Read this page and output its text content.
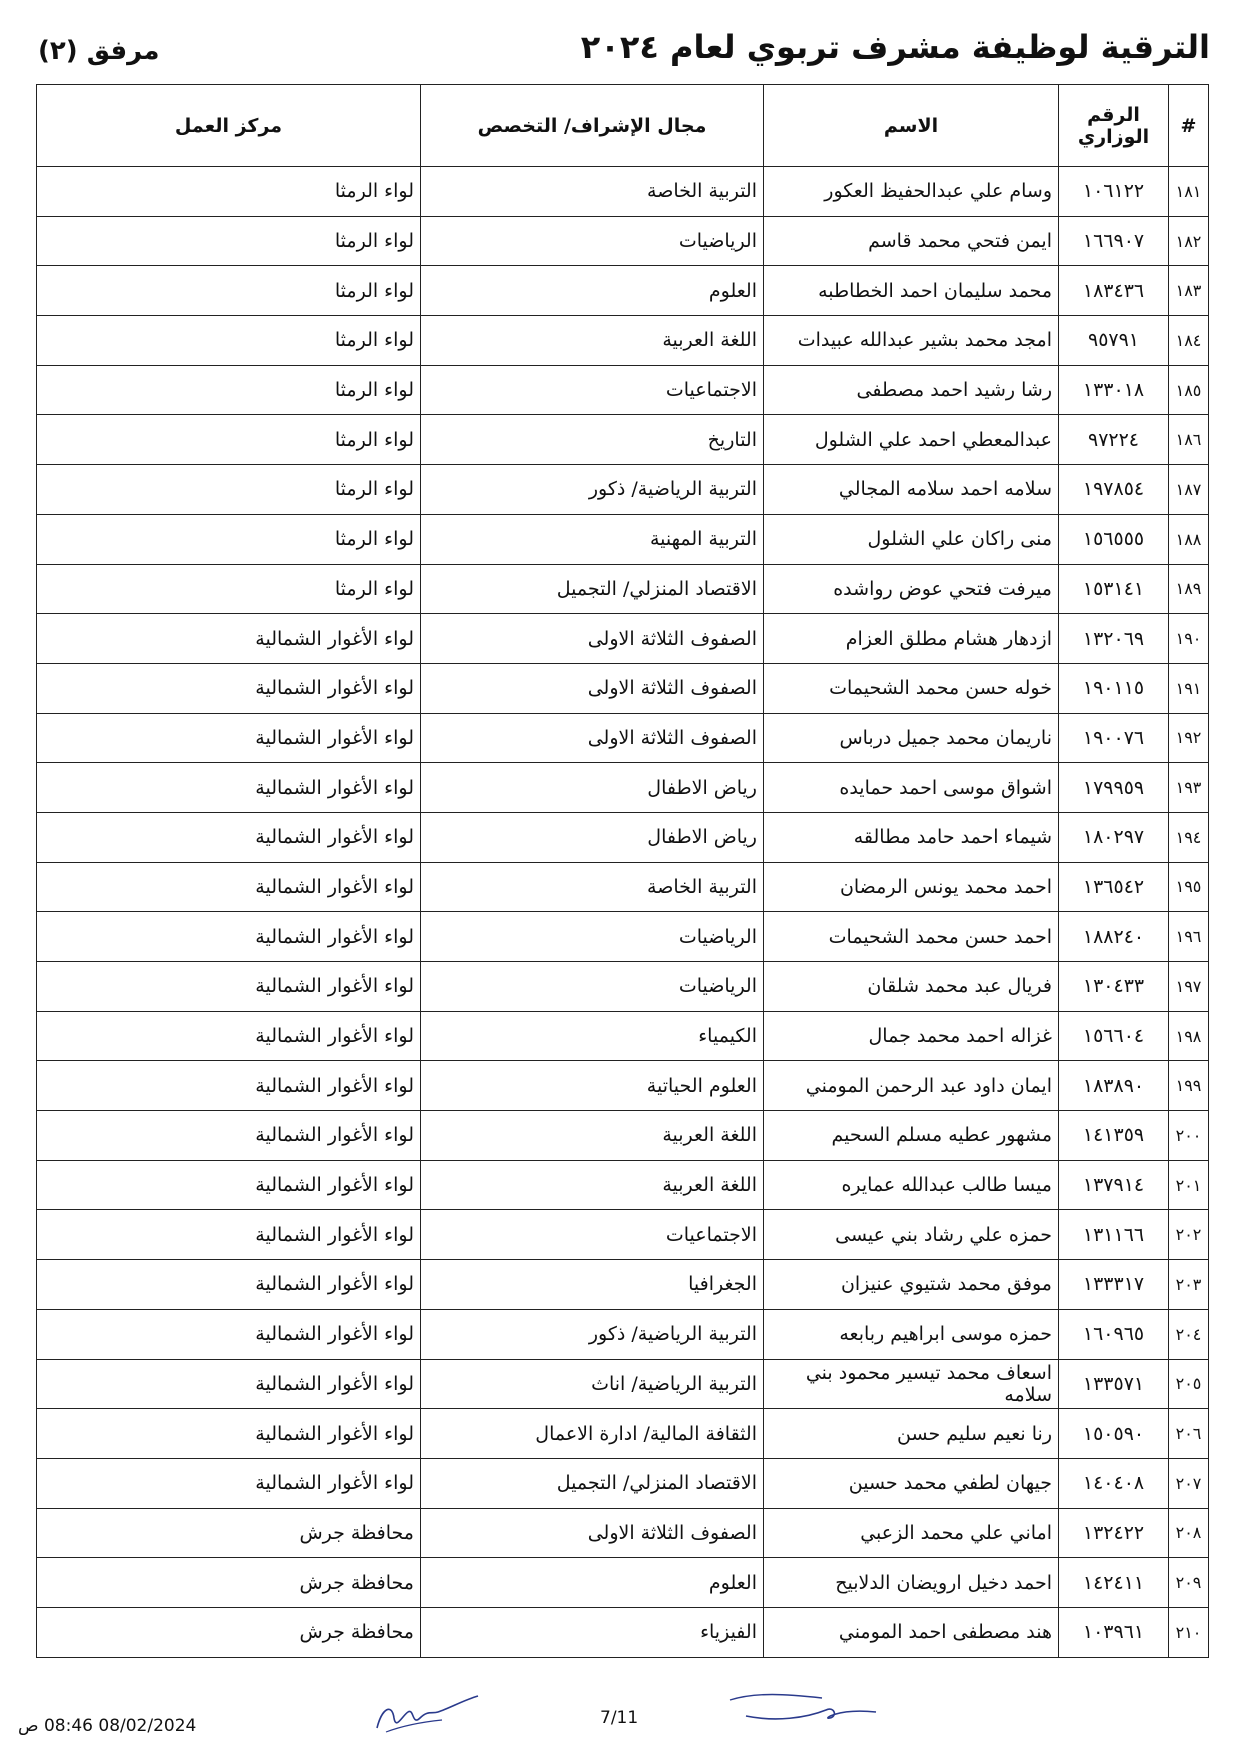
الترقية لوظيفة مشرف تربوي لعام ٢٠٢٤
مرفق (٢)
#	الرقم الوزاري	الاسم	مجال الإشراف/ التخصص	مركز العمل
١٨١	١٠٦١٢٢	وسام علي عبدالحفيظ العكور	التربية الخاصة	لواء الرمثا
١٨٢	١٦٦٩٠٧	ايمن فتحي محمد قاسم	الرياضيات	لواء الرمثا
١٨٣	١٨٣٤٣٦	محمد سليمان احمد الخطاطبه	العلوم	لواء الرمثا
١٨٤	٩٥٧٩١	امجد محمد بشير عبدالله عبيدات	اللغة العربية	لواء الرمثا
١٨٥	١٣٣٠١٨	رشا رشيد احمد مصطفى	الاجتماعيات	لواء الرمثا
١٨٦	٩٧٢٢٤	عبدالمعطي احمد علي الشلول	التاريخ	لواء الرمثا
١٨٧	١٩٧٨٥٤	سلامه احمد سلامه المجالي	التربية الرياضية/ ذكور	لواء الرمثا
١٨٨	١٥٦٥٥٥	منى راكان علي الشلول	التربية المهنية	لواء الرمثا
١٨٩	١٥٣١٤١	ميرفت فتحي عوض رواشده	الاقتصاد المنزلي/ التجميل	لواء الرمثا
١٩٠	١٣٢٠٦٩	ازدهار هشام مطلق العزام	الصفوف الثلاثة الاولى	لواء الأغوار الشمالية
١٩١	١٩٠١١٥	خوله حسن محمد الشحيمات	الصفوف الثلاثة الاولى	لواء الأغوار الشمالية
١٩٢	١٩٠٠٧٦	ناريمان محمد جميل درباس	الصفوف الثلاثة الاولى	لواء الأغوار الشمالية
١٩٣	١٧٩٩٥٩	اشواق موسى احمد حمايده	رياض الاطفال	لواء الأغوار الشمالية
١٩٤	١٨٠٢٩٧	شيماء احمد حامد مطالقه	رياض الاطفال	لواء الأغوار الشمالية
١٩٥	١٣٦٥٤٢	احمد محمد يونس الرمضان	التربية الخاصة	لواء الأغوار الشمالية
١٩٦	١٨٨٢٤٠	احمد حسن محمد الشحيمات	الرياضيات	لواء الأغوار الشمالية
١٩٧	١٣٠٤٣٣	فريال عبد محمد شلقان	الرياضيات	لواء الأغوار الشمالية
١٩٨	١٥٦٦٠٤	غزاله احمد محمد جمال	الكيمياء	لواء الأغوار الشمالية
١٩٩	١٨٣٨٩٠	ايمان داود عبد الرحمن المومني	العلوم الحياتية	لواء الأغوار الشمالية
٢٠٠	١٤١٣٥٩	مشهور عطيه مسلم السحيم	اللغة العربية	لواء الأغوار الشمالية
٢٠١	١٣٧٩١٤	ميسا طالب عبدالله عمايره	اللغة العربية	لواء الأغوار الشمالية
٢٠٢	١٣١١٦٦	حمزه علي رشاد بني عيسى	الاجتماعيات	لواء الأغوار الشمالية
٢٠٣	١٣٣٣١٧	موفق محمد شتيوي عنيزان	الجغرافيا	لواء الأغوار الشمالية
٢٠٤	١٦٠٩٦٥	حمزه موسى ابراهيم ربابعه	التربية الرياضية/ ذكور	لواء الأغوار الشمالية
٢٠٥	١٣٣٥٧١	اسعاف محمد تيسير محمود بني سلامه	التربية الرياضية/ اناث	لواء الأغوار الشمالية
٢٠٦	١٥٠٥٩٠	رنا نعيم سليم حسن	الثقافة المالية/ ادارة الاعمال	لواء الأغوار الشمالية
٢٠٧	١٤٠٤٠٨	جيهان لطفي محمد حسين	الاقتصاد المنزلي/ التجميل	لواء الأغوار الشمالية
٢٠٨	١٣٢٤٢٢	اماني علي محمد الزعبي	الصفوف الثلاثة الاولى	محافظة جرش
٢٠٩	١٤٢٤١١	احمد دخيل ارويضان الدلابيح	العلوم	محافظة جرش
٢١٠	١٠٣٩٦١	هند مصطفى احمد المومني	الفيزياء	محافظة جرش
08/02/2024 08:46 ص	7/11
